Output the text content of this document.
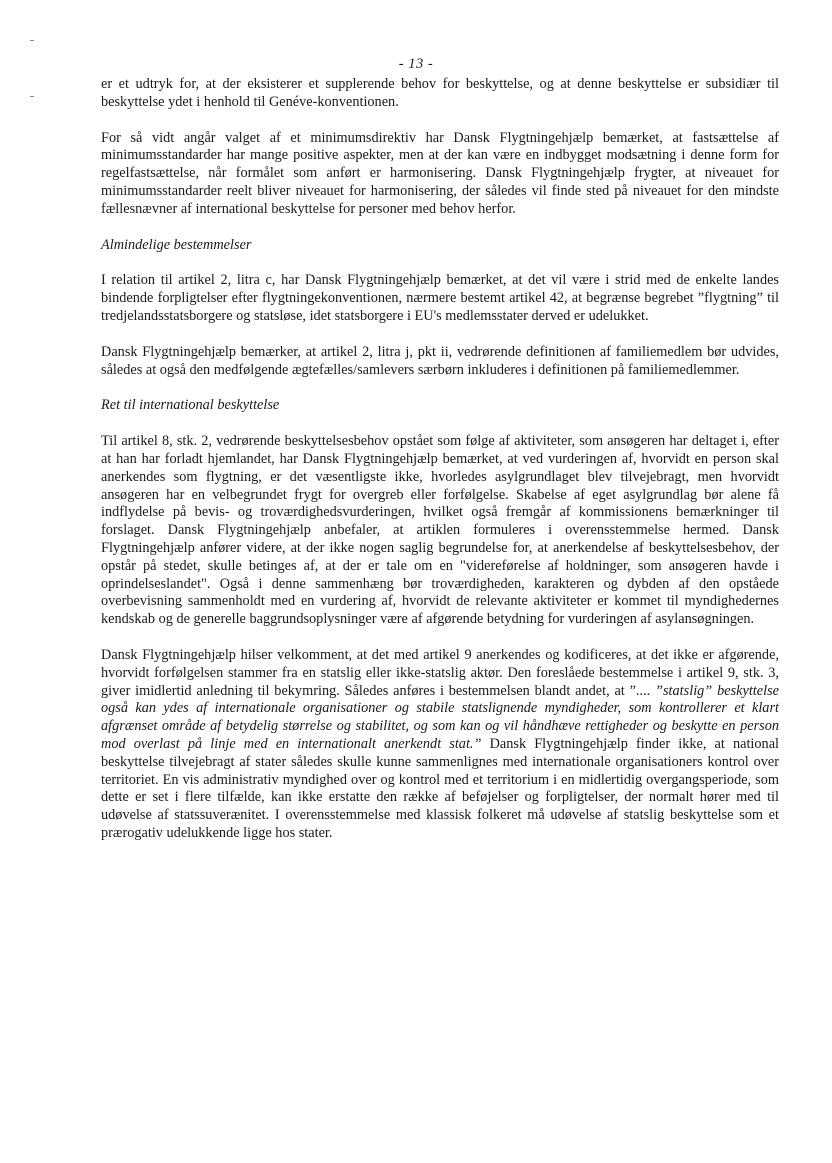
- 13 -

er et udtryk for, at der eksisterer et supplerende behov for beskyttelse, og at denne beskyttelse er subsidiær til beskyttelse ydet i henhold til Genéve-konventionen.

For så vidt angår valget af et minimumsdirektiv har Dansk Flygtningehjælp bemærket, at fastsættelse af minimumsstandarder har mange positive aspekter, men at der kan være en indbygget modsætning i denne form for regelfastsættelse, når formålet som anført er harmonisering. Dansk Flygtningehjælp frygter, at niveauet for minimumsstandarder reelt bliver niveauet for harmonisering, der således vil finde sted på niveauet for den mindste fællesnævner af international beskyttelse for personer med behov herfor.

Almindelige bestemmelser

I relation til artikel 2, litra c, har Dansk Flygtningehjælp bemærket, at det vil være i strid med de enkelte landes bindende forpligtelser efter flygtningekonventionen, nærmere bestemt artikel 42, at begrænse begrebet ”flygtning” til tredjelandsstatsborgere og statsløse, idet statsborgere i EU's medlemsstater derved er udelukket.

Dansk Flygtningehjælp bemærker, at artikel 2, litra j, pkt ii, vedrørende definitionen af familiemedlem bør udvides, således at også den medfølgende ægtefælles/samlevers særbørn inkluderes i definitionen på familiemedlemmer.

Ret til international beskyttelse

Til artikel 8, stk. 2, vedrørende beskyttelsesbehov opstået som følge af aktiviteter, som ansøgeren har deltaget i, efter at han har forladt hjemlandet, har Dansk Flygtningehjælp bemærket, at ved vurderingen af, hvorvidt en person skal anerkendes som flygtning, er det væsentligste ikke, hvorledes asylgrundlaget blev tilvejebragt, men hvorvidt ansøgeren har en velbegrundet frygt for overgreb eller forfølgelse. Skabelse af eget asylgrundlag bør alene få indflydelse på bevis- og troværdighedsvurderingen, hvilket også fremgår af kommissionens bemærkninger til forslaget. Dansk Flygtningehjælp anbefaler, at artiklen formuleres i overensstemmelse hermed. Dansk Flygtningehjælp anfører videre, at der ikke nogen saglig begrundelse for, at anerkendelse af beskyttelsesbehov, der opstår på stedet, skulle betinges af, at der er tale om en "videreførelse af holdninger, som ansøgeren havde i oprindelseslandet". Også i denne sammenhæng bør troværdigheden, karakteren og dybden af den opståede overbevisning sammenholdt med en vurdering af, hvorvidt de relevante aktiviteter er kommet til myndighedernes kendskab og de generelle baggrundsoplysninger være af afgørende betydning for vurderingen af asylansøgningen.

Dansk Flygtningehjælp hilser velkomment, at det med artikel 9 anerkendes og kodificeres, at det ikke er afgørende, hvorvidt forfølgelsen stammer fra en statslig eller ikke-statslig aktør. Den foreslåede bestemmelse i artikel 9, stk. 3, giver imidlertid anledning til bekymring. Således anføres i bestemmelsen blandt andet, at ”.... ”statslig” beskyttelse også kan ydes af internationale organisationer og stabile statslignende myndigheder, som kontrollerer et klart afgrænset område af betydelig størrelse og stabilitet, og som kan og vil håndhæve rettigheder og beskytte en person mod overlast på linje med en internationalt anerkendt stat.” Dansk Flygtningehjælp finder ikke, at national beskyttelse tilvejebragt af stater således skulle kunne sammenlignes med internationale organisationers kontrol over territoriet. En vis administrativ myndighed over og kontrol med et territorium i en midlertidig overgangsperiode, som dette er set i flere tilfælde, kan ikke erstatte den række af beføjelser og forpligtelser, der normalt hører med til udøvelse af statssuverænitet. I overensstemmelse med klassisk folkeret må udøvelse af statslig beskyttelse som et prærogativ udelukkende ligge hos stater.
